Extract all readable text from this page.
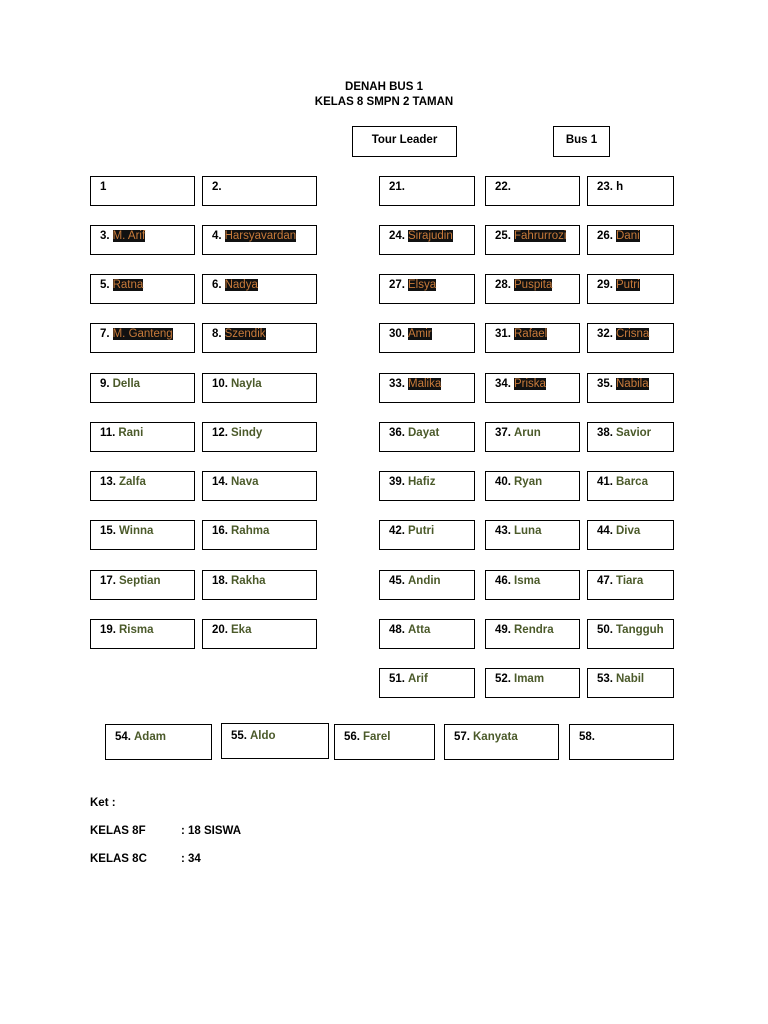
DENAH BUS 1
KELAS 8 SMPN 2 TAMAN
Tour Leader	Bus 1
1	2.	21.	22.	23. h
3. M. Arif	4. Harsyavardan	24. Sirajudin	25. Fahrurrozi	26. Dani
5. Ratna	6. Nadya	27. Elsya	28. Puspita	29. Putri
7. M. Ganteng	8. Szendik	30. Amir	31. Rafael	32. Crisna
9. Della	10. Nayla	33. Malika	34. Priska	35. Nabila
11. Rani	12. Sindy	36. Dayat	37. Arun	38. Savior
13. Zalfa	14. Nava	39. Hafiz	40. Ryan	41. Barca
15. Winna	16. Rahma	42. Putri	43. Luna	44. Diva
17. Septian	18. Rakha	45. Andin	46. Isma	47. Tiara
19. Risma	20. Eka	48. Atta	49. Rendra	50. Tangguh
51. Arif	52. Imam	53. Nabil
54. Adam	55. Aldo	56. Farel	57. Kanyata	58.
Ket :
KELAS 8F	: 18 SISWA
KELAS 8C	: 34
